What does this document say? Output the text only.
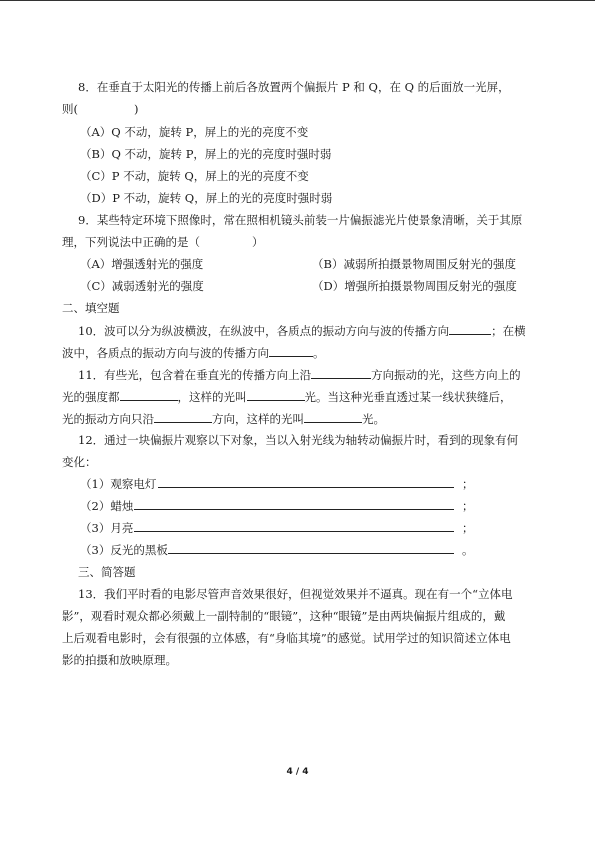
8．在垂直于太阳光的传播上前后各放置两个偏振片 P 和 Q，在 Q 的后面放一光屏，
则(	)
（A）Q 不动，旋转 P，屏上的光的亮度不变
（B）Q 不动，旋转 P，屏上的光的亮度时强时弱
（C）P 不动，旋转 Q，屏上的光的亮度不变
（D）P 不动，旋转 Q，屏上的光的亮度时强时弱
9．某些特定环境下照像时，常在照相机镜头前装一片偏振滤光片使景象清晰，关于其原
理，下列说法中正确的是（	）
（A）增强透射光的强度	（B）减弱所拍摄景物周围反射光的强度
（C）减弱透射光的强度	（D）增强所拍摄景物周围反射光的强度
二、填空题
10．波可以分为纵波横波，在纵波中，各质点的振动方向与波的传播方向	；在横
波中，各质点的振动方向与波的传播方向	。
11．有些光，包含着在垂直光的传播方向上沿	方向振动的光，这些方向上的
光的强度都	，这样的光叫	光。当这种光垂直透过某一线状狭缝后，
光的振动方向只沿	方向，这样的光叫	光。
12．通过一块偏振片观察以下对象，当以入射光线为轴转动偏振片时，看到的现象有何
变化：
（1）观察电灯	；
（2）蜡烛	；
（3）月亮	；
（3）反光的黑板	。
三、简答题
13．我们平时看的电影尽管声音效果很好，但视觉效果并不逼真。现在有一个“立体电
影”，观看时观众都必须戴上一副特制的“眼镜”，这种“眼镜”是由两块偏振片组成的，戴
上后观看电影时，会有很强的立体感，有“身临其境”的感觉。试用学过的知识简述立体电
影的拍摄和放映原理。
4 / 4
